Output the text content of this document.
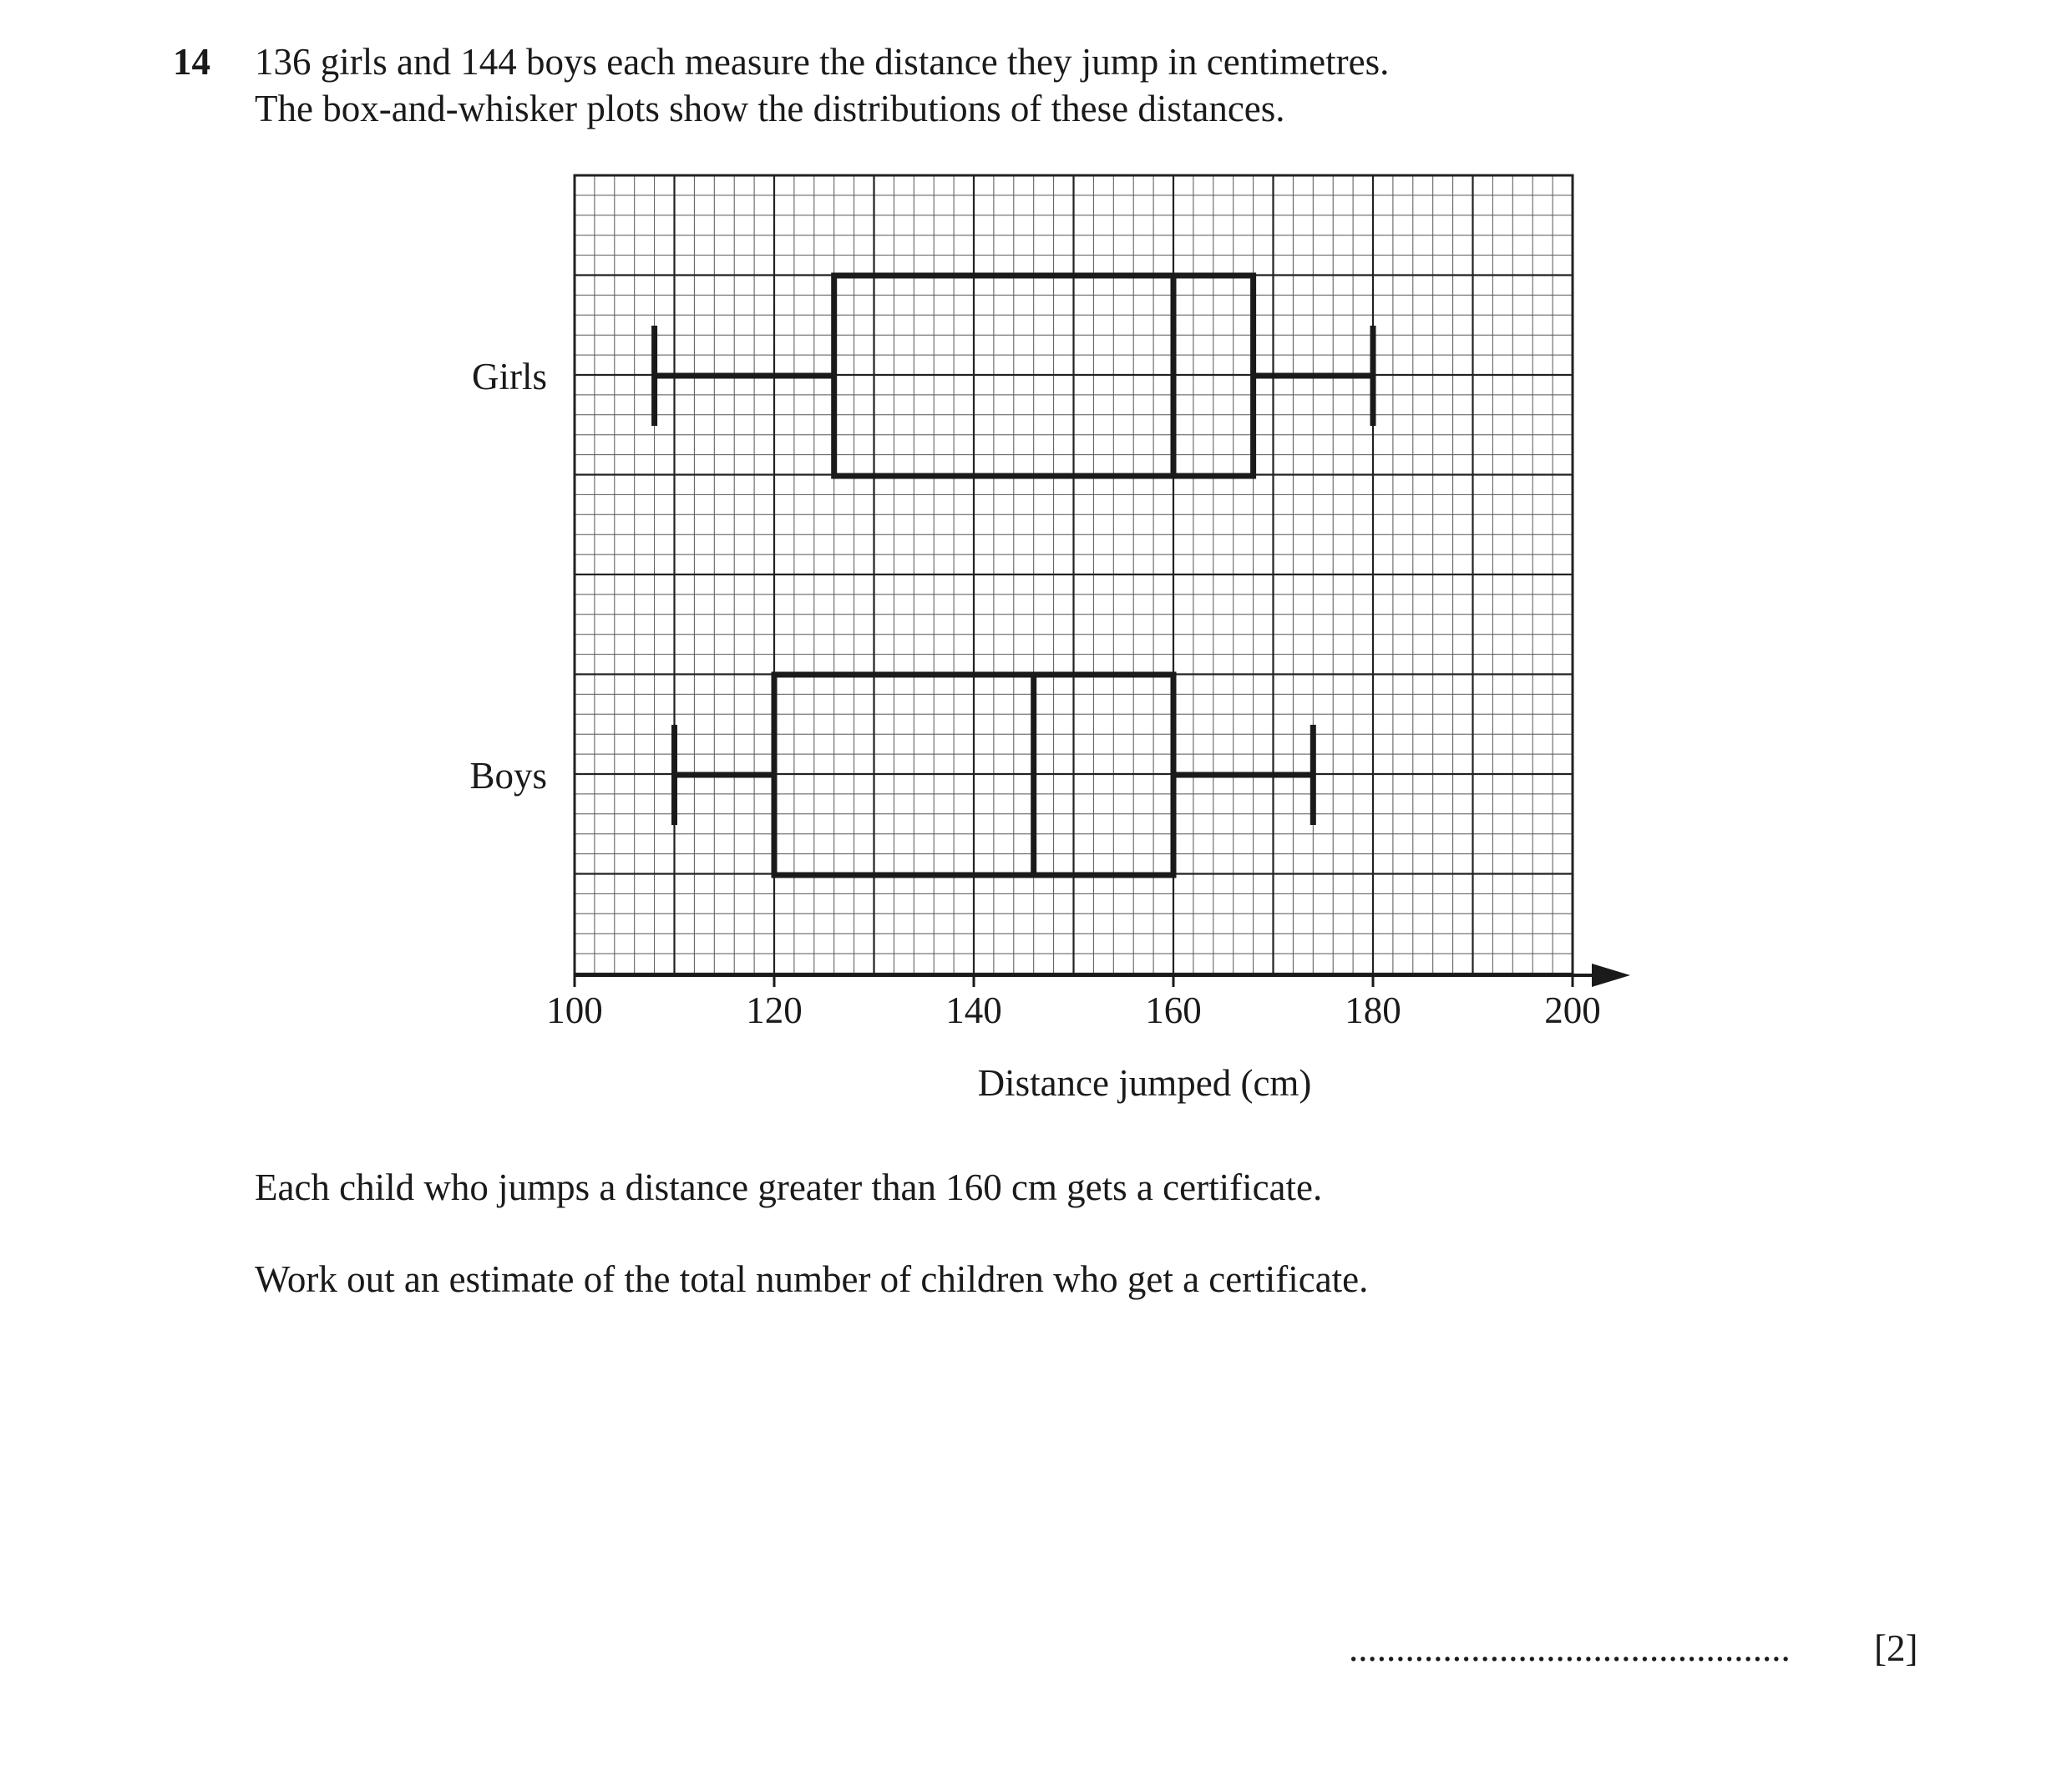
14 136 girls and 144 boys each measure the distance they jump in centimetres.
The box-and-whisker plots show the distributions of these distances.
100	120	140	160	180	200
Distance jumped (cm)
Girls
Boys
Each child who jumps a distance greater than 160 cm gets a certificate.
Work out an estimate of the total number of children who get a certificate.
............................................... [2]
